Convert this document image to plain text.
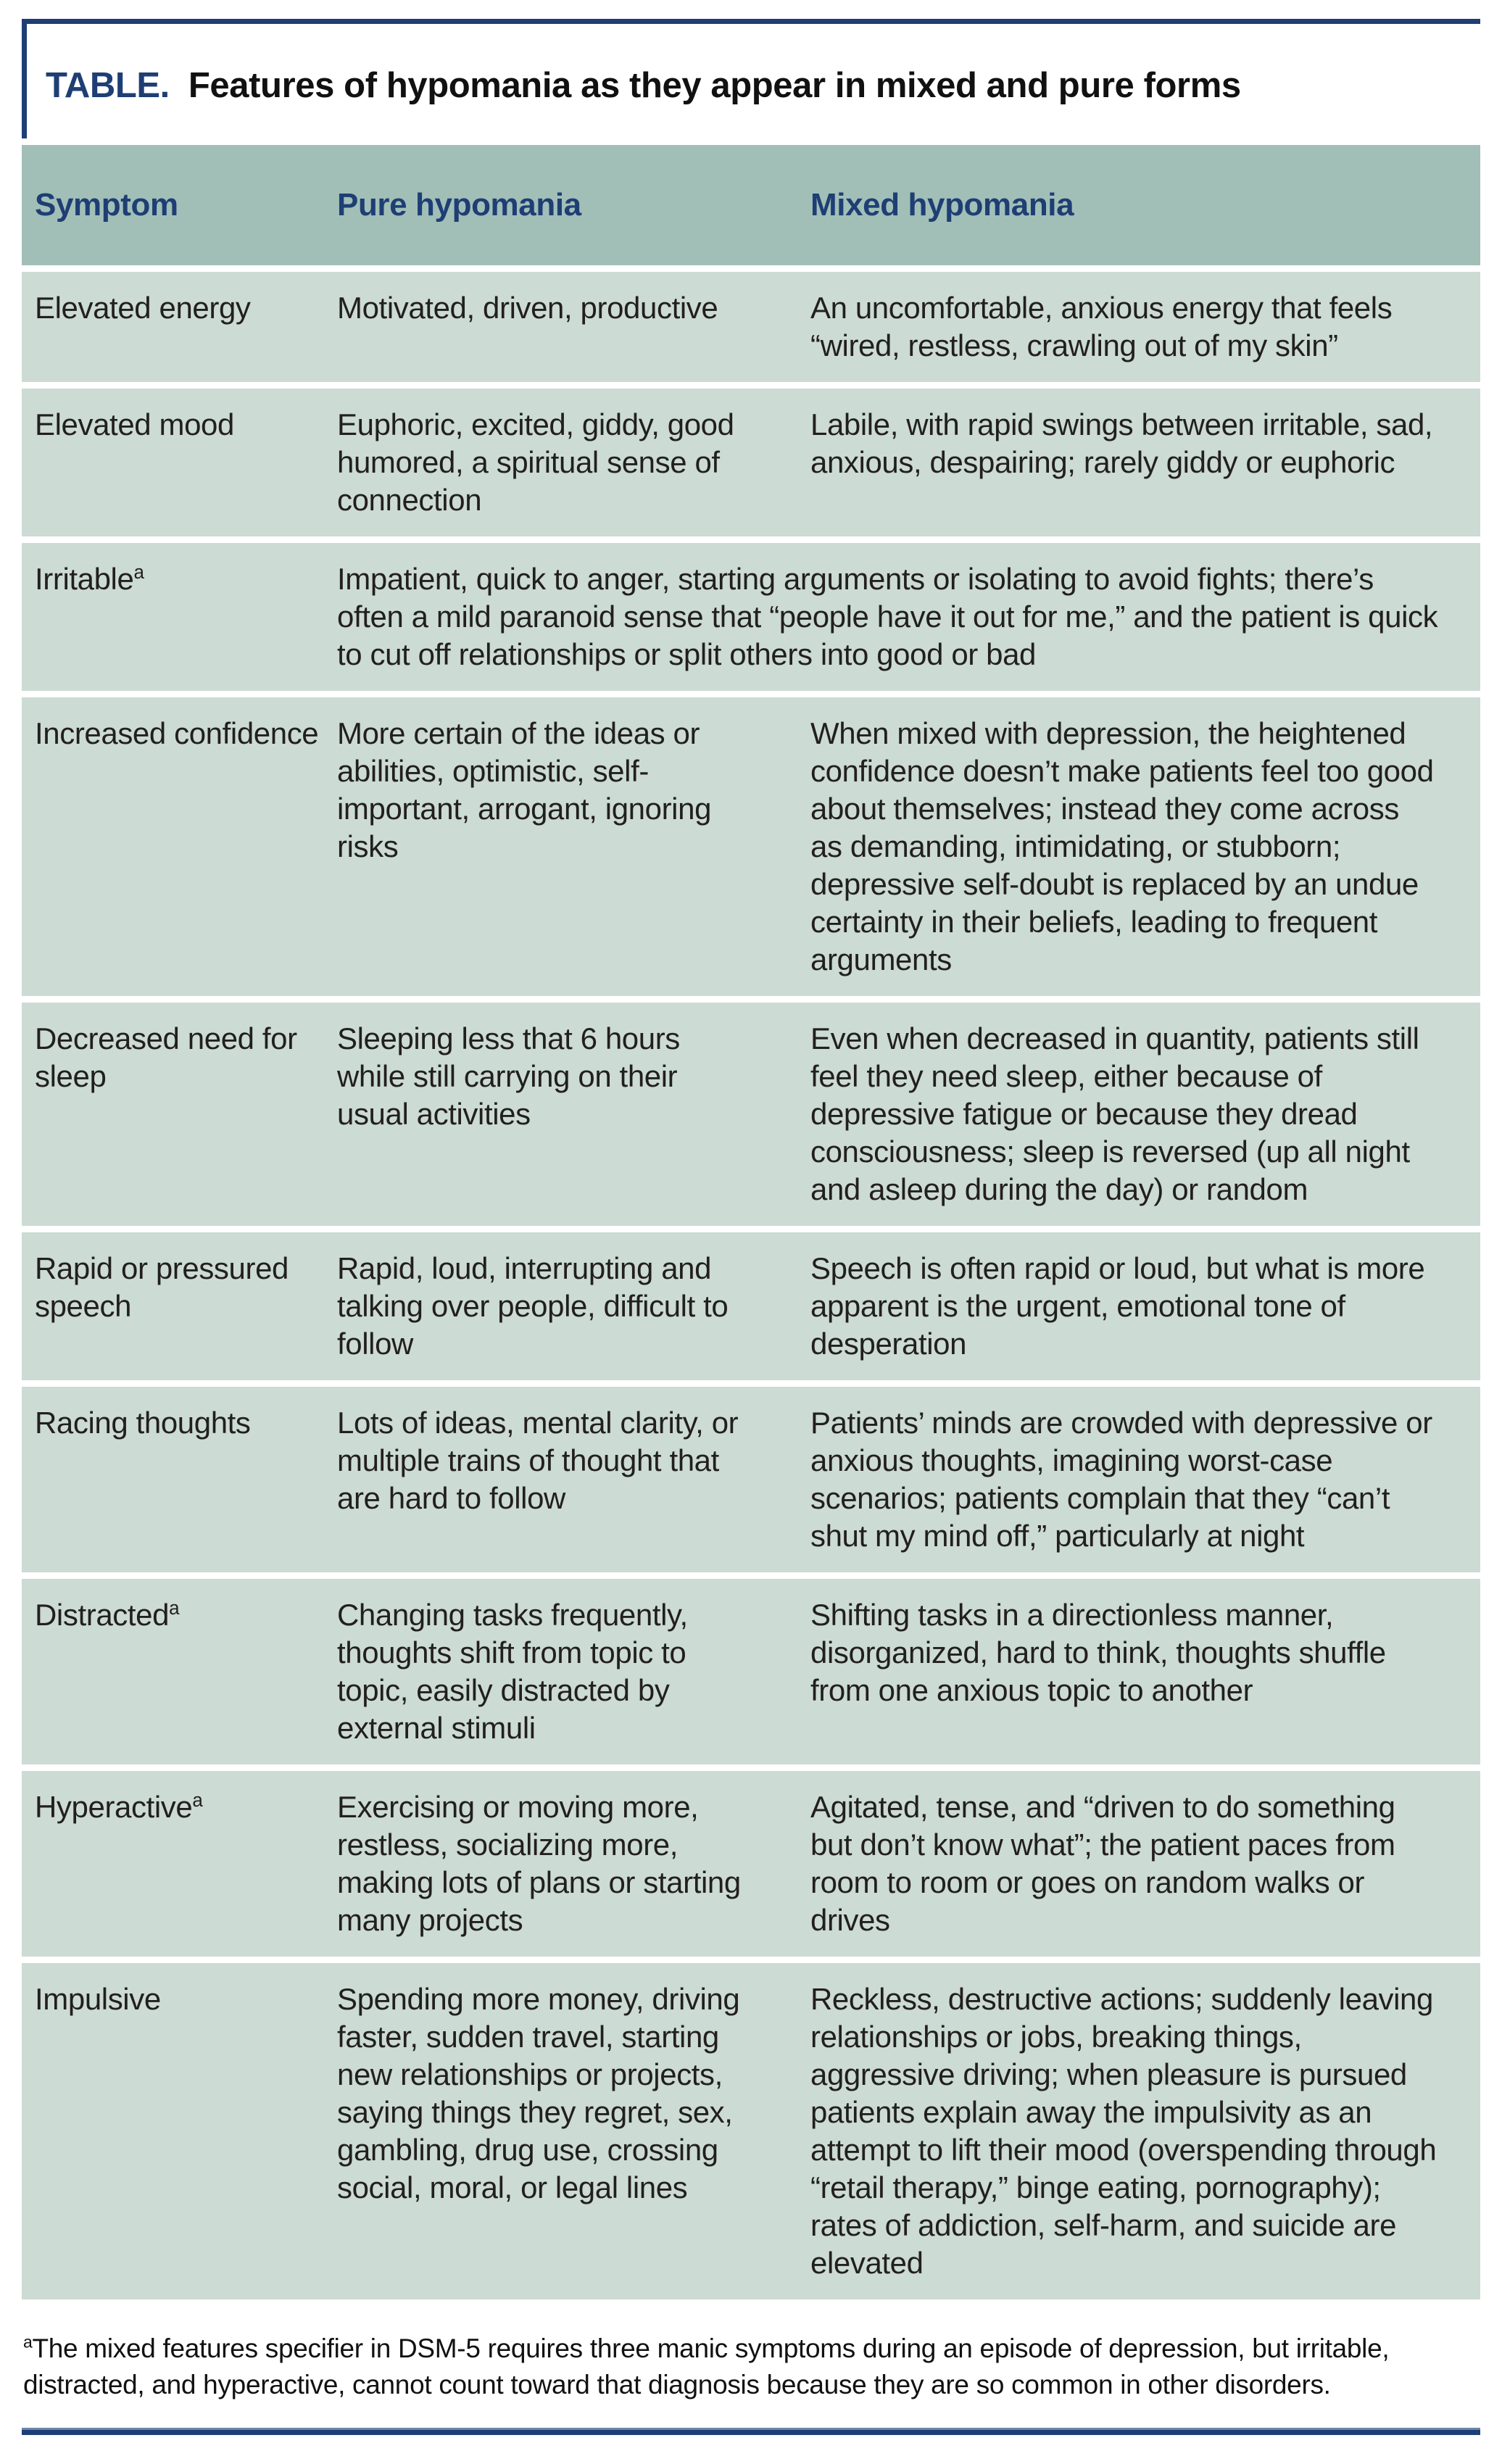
TABLE. Features of hypomania as they appear in mixed and pure forms
Symptom	Pure hypomania	Mixed hypomania
Elevated energy	Motivated, driven, productive	An uncomfortable, anxious energy that feels “wired, restless, crawling out of my skin”
Elevated mood	Euphoric, excited, giddy, good humored, a spiritual sense of connection	Labile, with rapid swings between irritable, sad, anxious, despairing; rarely giddy or euphoric
Irritable$^a$	Impatient, quick to anger, starting arguments or isolating to avoid fights; there’s often a mild paranoid sense that “people have it out for me,” and the patient is quick to cut off relationships or split others into good or bad	
Increased confidence	More certain of the ideas or abilities, optimistic, self-important, arrogant, ignoring risks	When mixed with depression, the heightened confidence doesn’t make patients feel too good about themselves; instead they come across as demanding, intimidating, or stubborn; depressive self-doubt is replaced by an undue certainty in their beliefs, leading to frequent arguments
Decreased need for sleep	Sleeping less that 6 hours while still carrying on their usual activities	Even when decreased in quantity, patients still feel they need sleep, either because of depressive fatigue or because they dread consciousness; sleep is reversed (up all night and asleep during the day) or random
Rapid or pressured speech	Rapid, loud, interrupting and talking over people, difficult to follow	Speech is often rapid or loud, but what is more apparent is the urgent, emotional tone of desperation
Racing thoughts	Lots of ideas, mental clarity, or multiple trains of thought that are hard to follow	Patients’ minds are crowded with depressive or anxious thoughts, imagining worst-case scenarios; patients complain that they “can’t shut my mind off,” particularly at night
Distracted$^a$	Changing tasks frequently, thoughts shift from topic to topic, easily distracted by external stimuli	Shifting tasks in a directionless manner, disorganized, hard to think, thoughts shuffle from one anxious topic to another
Hyperactive$^a$	Exercising or moving more, restless, socializing more, making lots of plans or starting many projects	Agitated, tense, and “driven to do something but don’t know what”; the patient paces from room to room or goes on random walks or drives
Impulsive	Spending more money, driving faster, sudden travel, starting new relationships or projects, saying things they regret, sex, gambling, drug use, crossing social, moral, or legal lines	Reckless, destructive actions; suddenly leaving relationships or jobs, breaking things, aggressive driving; when pleasure is pursued patients explain away the impulsivity as an attempt to lift their mood (overspending through “retail therapy,” binge eating, pornography); rates of addiction, self-harm, and suicide are elevated

$^a$The mixed features specifier in DSM-5 requires three manic symptoms during an episode of depression, but irritable, distracted, and hyperactive, cannot count toward that diagnosis because they are so common in other disorders.
